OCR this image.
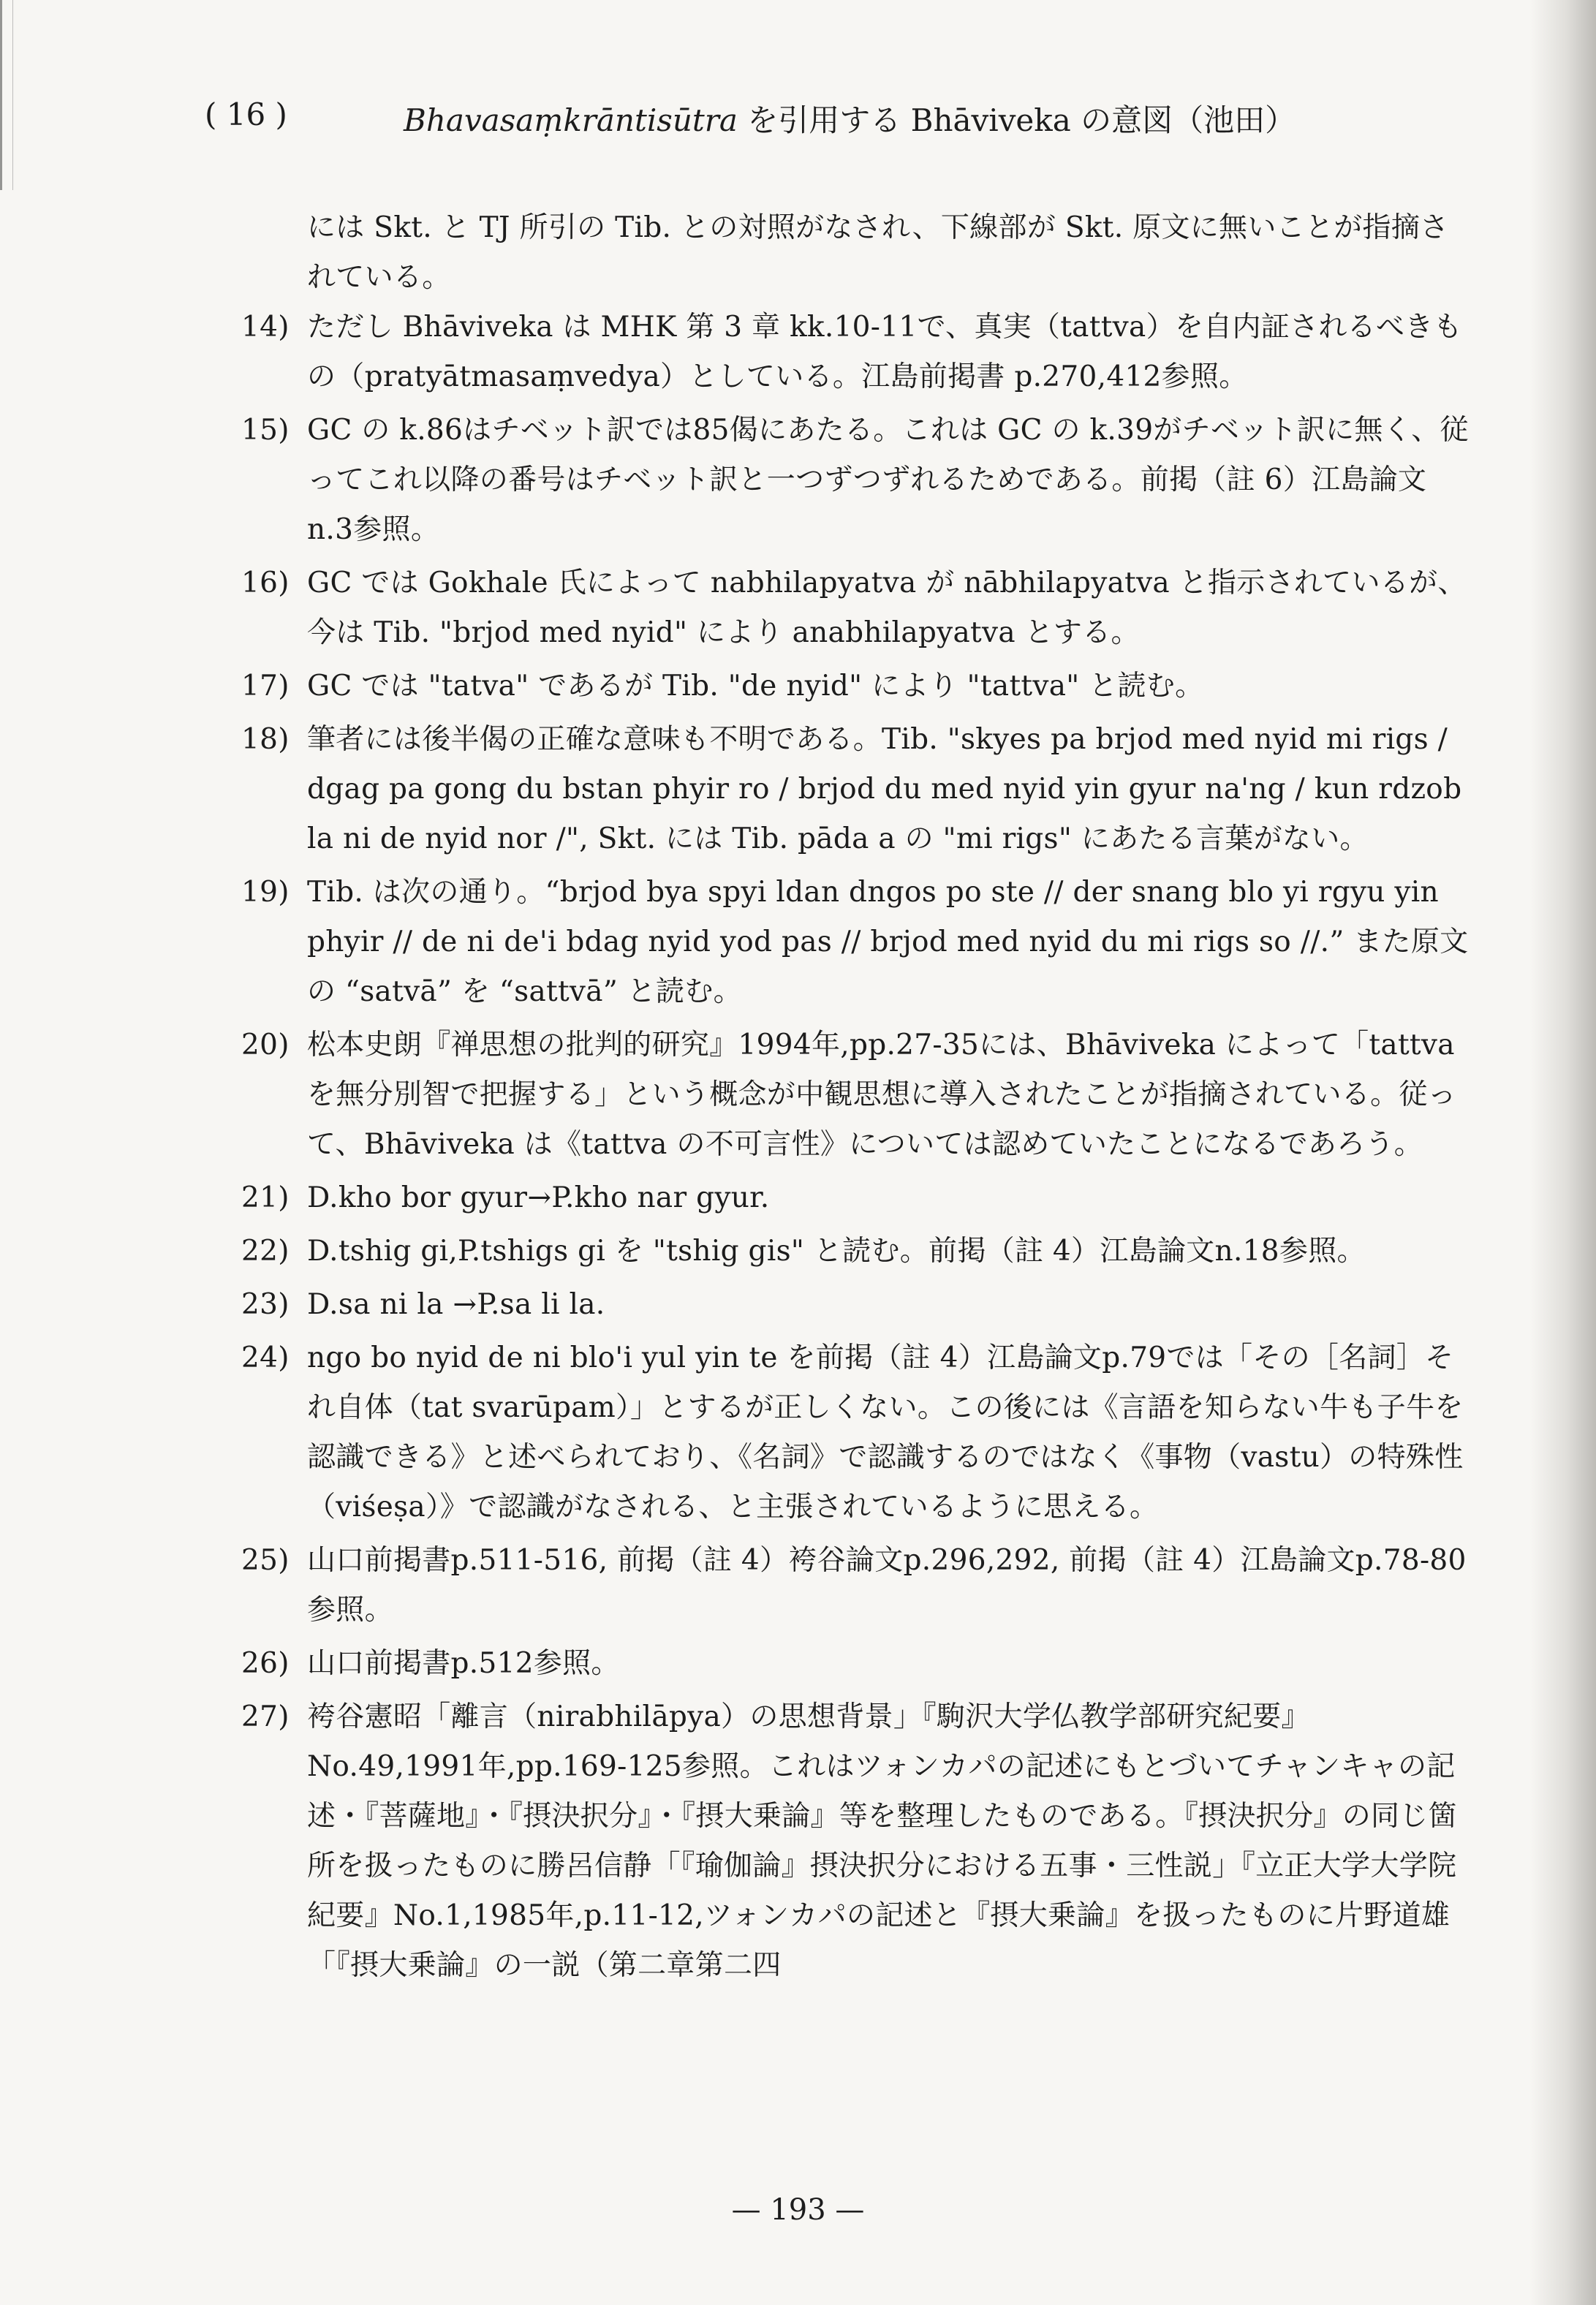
( 16 )	Bhavasaṃkrāntisūtra を引用する Bhāviveka の意図（池田）

には Skt. と TJ 所引の Tib. との対照がなされ、下線部が Skt. 原文に無いことが指摘されている。

14) ただし Bhāviveka は MHK 第 3 章 kk.10-11で、真実（tattva）を自内証されるべきもの（pratyātmasaṃvedya）としている。江島前掲書 p.270,412参照。
15) GC の k.86はチベット訳では85偈にあたる。これは GC の k.39がチベット訳に無く、従ってこれ以降の番号はチベット訳と一つずつずれるためである。前掲（註 6）江島論文n.3参照。
16) GC では Gokhale 氏によって nabhilapyatva が nābhilapyatva と指示されているが、今は Tib. "brjod med nyid" により anabhilapyatva とする。
17) GC では "tatva" であるが Tib. "de nyid" により "tattva" と読む。
18) 筆者には後半偈の正確な意味も不明である。Tib. "skyes pa brjod med nyid mi rigs / dgag pa gong du bstan phyir ro / brjod du med nyid yin gyur na'ng / kun rdzob la ni de nyid nor /", Skt. には Tib. pāda a の "mi rigs" にあたる言葉がない。
19) Tib. は次の通り。“brjod bya spyi ldan dngos po ste // der snang blo yi rgyu yin phyir // de ni de'i bdag nyid yod pas // brjod med nyid du mi rigs so //.” また原文の “satvā” を “sattvā” と読む。
20) 松本史朗『禅思想の批判的研究』1994年,pp.27-35には、Bhāviveka によって「tattva を無分別智で把握する」という概念が中観思想に導入されたことが指摘されている。従って、Bhāviveka は《tattva の不可言性》については認めていたことになるであろう。
21) D.kho bor gyur→P.kho nar gyur.
22) D.tshig gi,P.tshigs gi を "tshig gis" と読む。前掲（註 4）江島論文n.18参照。
23) D.sa ni la →P.sa li la.
24) ngo bo nyid de ni blo'i yul yin te を前掲（註 4）江島論文p.79では「その［名詞］それ自体（tat svarūpam）」とするが正しくない。この後には《言語を知らない牛も子牛を認識できる》と述べられており、《名詞》で認識するのではなく《事物（vastu）の特殊性（viśeṣa）》で認識がなされる、と主張されているように思える。
25) 山口前掲書p.511-516, 前掲（註 4）袴谷論文p.296,292, 前掲（註 4）江島論文p.78-80参照。
26) 山口前掲書p.512参照。
27) 袴谷憲昭「離言（nirabhilāpya）の思想背景」『駒沢大学仏教学部研究紀要』No.49,1991年,pp.169-125参照。これはツォンカパの記述にもとづいてチャンキャの記述・『菩薩地』・『摂決択分』・『摂大乗論』等を整理したものである。『摂決択分』の同じ箇所を扱ったものに勝呂信静「『瑜伽論』摂決択分における五事・三性説」『立正大学大学院紀要』No.1,1985年,p.11-12,ツォンカパの記述と『摂大乗論』を扱ったものに片野道雄「『摂大乗論』の一説（第二章第二四
— 193 —
